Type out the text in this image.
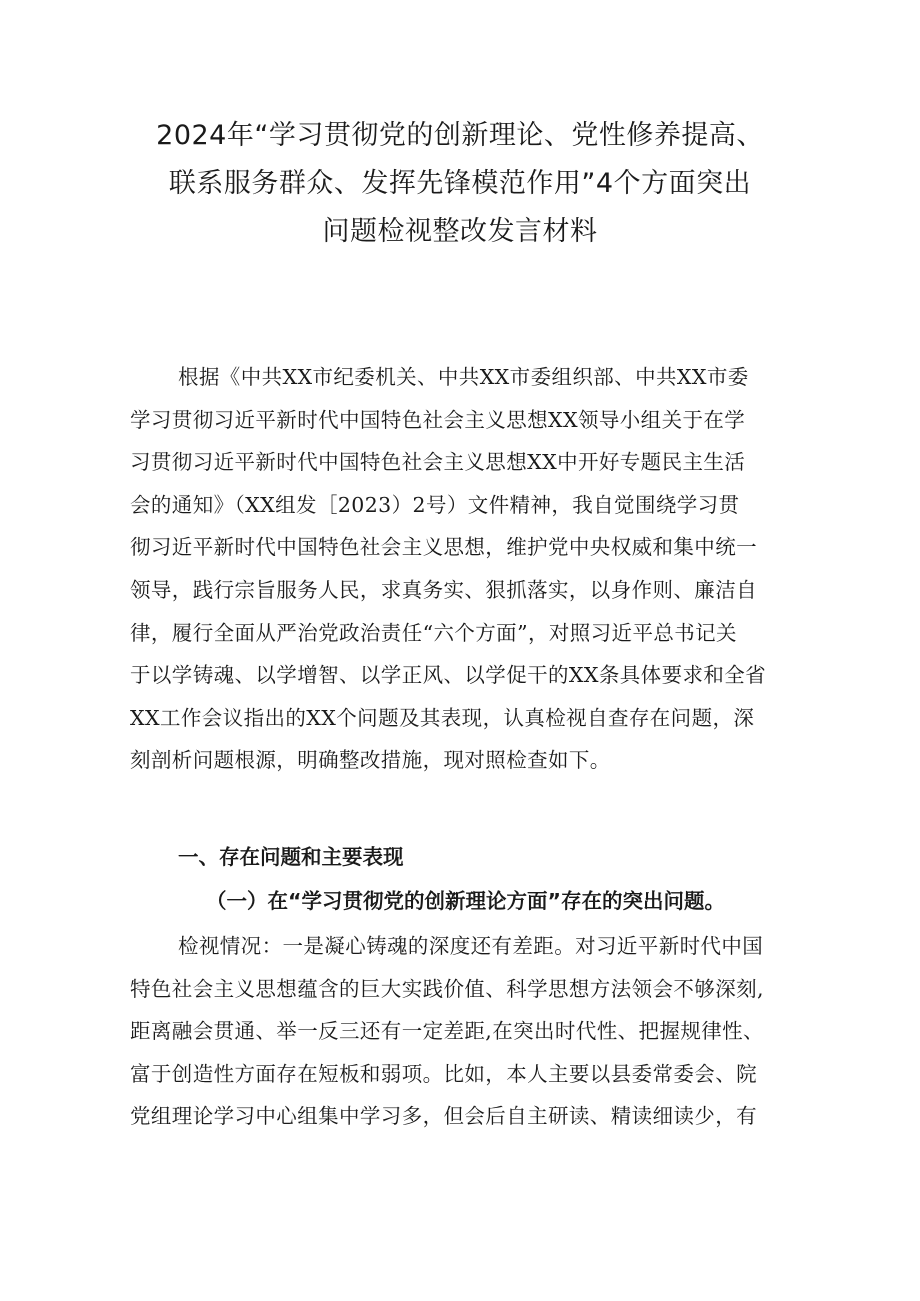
2024年“学习贯彻党的创新理论、党性修养提高、
联系服务群众、发挥先锋模范作用”4个方面突出
问题检视整改发言材料
根据《中共XX市纪委机关、中共XX市委组织部、中共XX市委
学习贯彻习近平新时代中国特色社会主义思想XX领导小组关于在学
习贯彻习近平新时代中国特色社会主义思想XX中开好专题民主生活
会的通知》（XX组发［2023）2号）文件精神，我自觉围绕学习贯
彻习近平新时代中国特色社会主义思想，维护党中央权威和集中统一
领导，践行宗旨服务人民，求真务实、狠抓落实，以身作则、廉洁自
律，履行全面从严治党政治责任“六个方面”，对照习近平总书记关
于以学铸魂、以学增智、以学正风、以学促干的XX条具体要求和全省
XX工作会议指出的XX个问题及其表现，认真检视自查存在问题，深
刻剖析问题根源，明确整改措施，现对照检查如下。
一、存在问题和主要表现
（一）在“学习贯彻党的创新理论方面”存在的突出问题。
检视情况：一是凝心铸魂的深度还有差距。对习近平新时代中国
特色社会主义思想蕴含的巨大实践价值、科学思想方法领会不够深刻,
距离融会贯通、举一反三还有一定差距,在突出时代性、把握规律性、
富于创造性方面存在短板和弱项。比如，本人主要以县委常委会、院
党组理论学习中心组集中学习多，但会后自主研读、精读细读少，有
